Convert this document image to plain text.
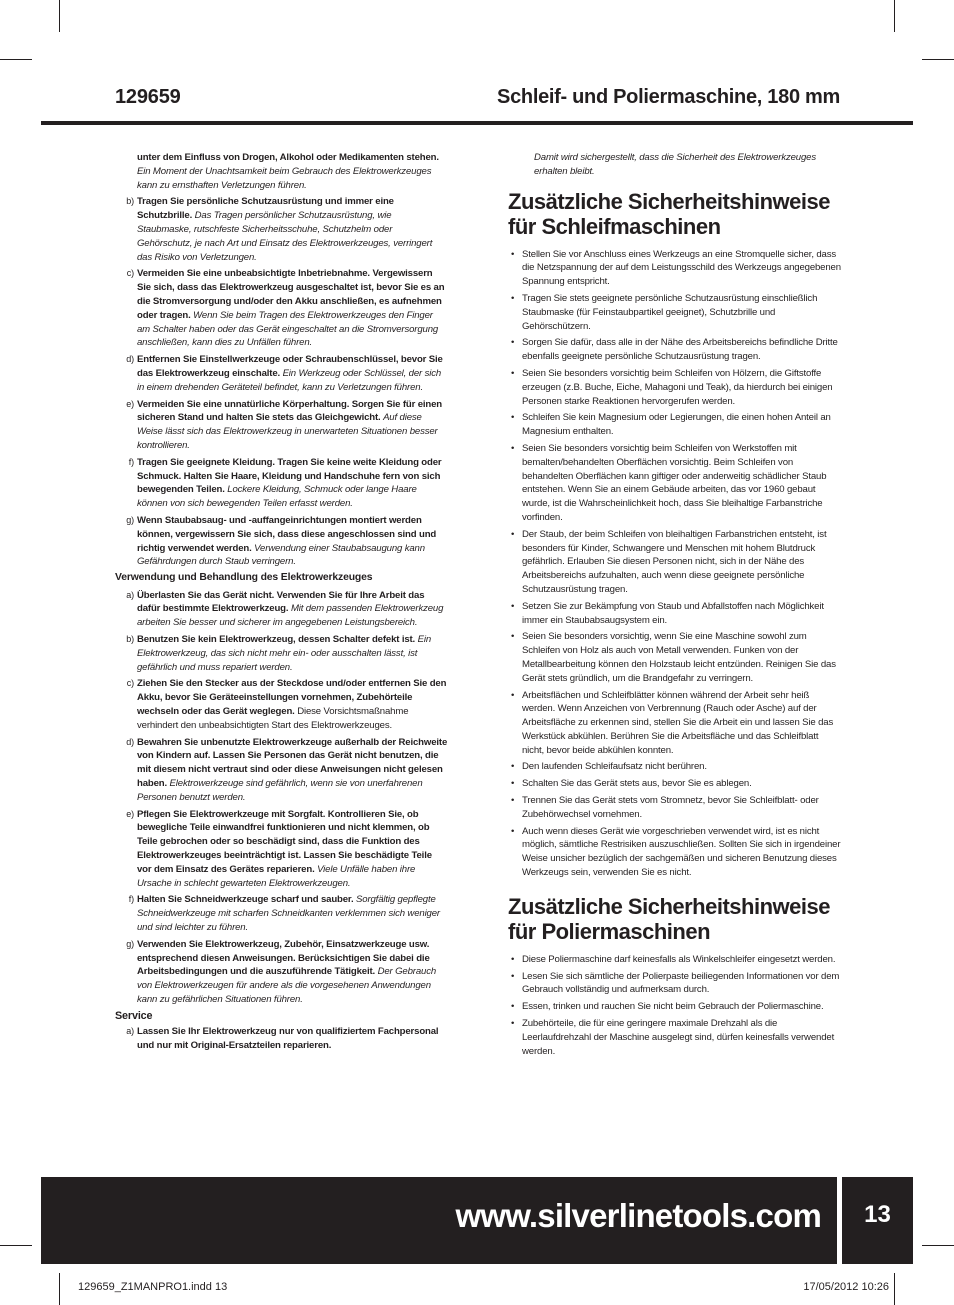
129659	Schleif- und Poliermaschine, 180 mm
unter dem Einfluss von Drogen, Alkohol oder Medikamenten stehen. Ein Moment der Unachtsamkeit beim Gebrauch des Elektrowerkzeuges kann zu ernsthaften Verletzungen führen.
b) Tragen Sie persönliche Schutzausrüstung und immer eine Schutzbrille. Das Tragen persönlicher Schutzausrüstung, wie Staubmaske, rutschfeste Sicherheitsschuhe, Schutzhelm oder Gehörschutz, je nach Art und Einsatz des Elektrowerkzeuges, verringert das Risiko von Verletzungen.
c) Vermeiden Sie eine unbeabsichtigte Inbetriebnahme. Vergewissern Sie sich, dass das Elektrowerkzeug ausgeschaltet ist, bevor Sie es an die Stromversorgung und/oder den Akku anschließen, es aufnehmen oder tragen. Wenn Sie beim Tragen des Elektrowerkzeuges den Finger am Schalter haben oder das Gerät eingeschaltet an die Stromversorgung anschließen, kann dies zu Unfällen führen.
d) Entfernen Sie Einstellwerkzeuge oder Schraubenschlüssel, bevor Sie das Elektrowerkzeug einschalte. Ein Werkzeug oder Schlüssel, der sich in einem drehenden Geräteteil befindet, kann zu Verletzungen führen.
e) Vermeiden Sie eine unnatürliche Körperhaltung. Sorgen Sie für einen sicheren Stand und halten Sie stets das Gleichgewicht. Auf diese Weise lässt sich das Elektrowerkzeug in unerwarteten Situationen besser kontrollieren.
f) Tragen Sie geeignete Kleidung. Tragen Sie keine weite Kleidung oder Schmuck. Halten Sie Haare, Kleidung und Handschuhe fern von sich bewegenden Teilen. Lockere Kleidung, Schmuck oder lange Haare können von sich bewegenden Teilen erfasst werden.
g) Wenn Staubabsaug- und -auffangeinrichtungen montiert werden können, vergewissern Sie sich, dass diese angeschlossen sind und richtig verwendet werden. Verwendung einer Staubabsaugung kann Gefährdungen durch Staub verringern.
Verwendung und Behandlung des Elektrowerkzeuges
a) Überlasten Sie das Gerät nicht. Verwenden Sie für Ihre Arbeit das dafür bestimmte Elektrowerkzeug. Mit dem passenden Elektrowerkzeug arbeiten Sie besser und sicherer im angegebenen Leistungsbereich.
b) Benutzen Sie kein Elektrowerkzeug, dessen Schalter defekt ist. Ein Elektrowerkzeug, das sich nicht mehr ein- oder ausschalten lässt, ist gefährlich und muss repariert werden.
c) Ziehen Sie den Stecker aus der Steckdose und/oder entfernen Sie den Akku, bevor Sie Geräteeinstellungen vornehmen, Zubehörteile wechseln oder das Gerät weglegen. Diese Vorsichtsmaßnahme verhindert den unbeabsichtigten Start des Elektrowerkzeuges.
d) Bewahren Sie unbenutzte Elektrowerkzeuge außerhalb der Reichweite von Kindern auf. Lassen Sie Personen das Gerät nicht benutzen, die mit diesem nicht vertraut sind oder diese Anweisungen nicht gelesen haben. Elektrowerkzeuge sind gefährlich, wenn sie von unerfahrenen Personen benutzt werden.
e) Pflegen Sie Elektrowerkzeuge mit Sorgfalt. Kontrollieren Sie, ob bewegliche Teile einwandfrei funktionieren und nicht klemmen, ob Teile gebrochen oder so beschädigt sind, dass die Funktion des Elektrowerkzeuges beeinträchtigt ist. Lassen Sie beschädigte Teile vor dem Einsatz des Gerätes reparieren. Viele Unfälle haben ihre Ursache in schlecht gewarteten Elektrowerkzeugen.
f) Halten Sie Schneidwerkzeuge scharf und sauber. Sorgfältig gepflegte Schneidwerkzeuge mit scharfen Schneidkanten verklemmen sich weniger und sind leichter zu führen.
g) Verwenden Sie Elektrowerkzeug, Zubehör, Einsatzwerkzeuge usw. entsprechend diesen Anweisungen. Berücksichtigen Sie dabei die Arbeitsbedingungen und die auszuführende Tätigkeit. Der Gebrauch von Elektrowerkzeugen für andere als die vorgesehenen Anwendungen kann zu gefährlichen Situationen führen.
Service
a) Lassen Sie Ihr Elektrowerkzeug nur von qualifiziertem Fachpersonal und nur mit Original-Ersatzteilen reparieren.
Damit wird sichergestellt, dass die Sicherheit des Elektrowerkzeuges erhalten bleibt.
Zusätzliche Sicherheitshinweise für Schleifmaschinen
• Stellen Sie vor Anschluss eines Werkzeugs an eine Stromquelle sicher, dass die Netzspannung der auf dem Leistungsschild des Werkzeugs angegebenen Spannung entspricht.
• Tragen Sie stets geeignete persönliche Schutzausrüstung einschließlich Staubmaske (für Feinstaubpartikel geeignet), Schutzbrille und Gehörschützern.
• Sorgen Sie dafür, dass alle in der Nähe des Arbeitsbereichs befindliche Dritte ebenfalls geeignete persönliche Schutzausrüstung tragen.
• Seien Sie besonders vorsichtig beim Schleifen von Hölzern, die Giftstoffe erzeugen (z.B. Buche, Eiche, Mahagoni und Teak), da hierdurch bei einigen Personen starke Reaktionen hervorgerufen werden.
• Schleifen Sie kein Magnesium oder Legierungen, die einen hohen Anteil an Magnesium enthalten.
• Seien Sie besonders vorsichtig beim Schleifen von Werkstoffen mit bemalten/behandelten Oberflächen vorsichtig. Beim Schleifen von behandelten Oberflächen kann giftiger oder anderweitig schädlicher Staub entstehen. Wenn Sie an einem Gebäude arbeiten, das vor 1960 gebaut wurde, ist die Wahrscheinlichkeit hoch, dass Sie bleihaltige Farbanstriche vorfinden.
• Der Staub, der beim Schleifen von bleihaltigen Farbanstrichen entsteht, ist besonders für Kinder, Schwangere und Menschen mit hohem Blutdruck gefährlich. Erlauben Sie diesen Personen nicht, sich in der Nähe des Arbeitsbereichs aufzuhalten, auch wenn diese geeignete persönliche Schutzausrüstung tragen.
• Setzen Sie zur Bekämpfung von Staub und Abfallstoffen nach Möglichkeit immer ein Staubabsaugsystem ein.
• Seien Sie besonders vorsichtig, wenn Sie eine Maschine sowohl zum Schleifen von Holz als auch von Metall verwenden. Funken von der Metallbearbeitung können den Holzstaub leicht entzünden. Reinigen Sie das Gerät stets gründlich, um die Brandgefahr zu verringern.
• Arbeitsflächen und Schleifblätter können während der Arbeit sehr heiß werden. Wenn Anzeichen von Verbrennung (Rauch oder Asche) auf der Arbeitsfläche zu erkennen sind, stellen Sie die Arbeit ein und lassen Sie das Werkstück abkühlen. Berühren Sie die Arbeitsfläche und das Schleifblatt nicht, bevor beide abkühlen konnten.
• Den laufenden Schleifaufsatz nicht berühren.
• Schalten Sie das Gerät stets aus, bevor Sie es ablegen.
• Trennen Sie das Gerät stets vom Stromnetz, bevor Sie Schleifblatt- oder Zubehörwechsel vornehmen.
• Auch wenn dieses Gerät wie vorgeschrieben verwendet wird, ist es nicht möglich, sämtliche Restrisiken auszuschließen. Sollten Sie sich in irgendeiner Weise unsicher bezüglich der sachgemäßen und sicheren Benutzung dieses Werkzeugs sein, verwenden Sie es nicht.
Zusätzliche Sicherheitshinweise für Poliermaschinen
• Diese Poliermaschine darf keinesfalls als Winkelschleifer eingesetzt werden.
• Lesen Sie sich sämtliche der Polierpaste beiliegenden Informationen vor dem Gebrauch vollständig und aufmerksam durch.
• Essen, trinken und rauchen Sie nicht beim Gebrauch der Poliermaschine.
• Zubehörteile, die für eine geringere maximale Drehzahl als die Leerlaufdrehzahl der Maschine ausgelegt sind, dürfen keinesfalls verwendet werden.
www.silverlinetools.com	13
129659_Z1MANPRO1.indd 13	17/05/2012 10:26
